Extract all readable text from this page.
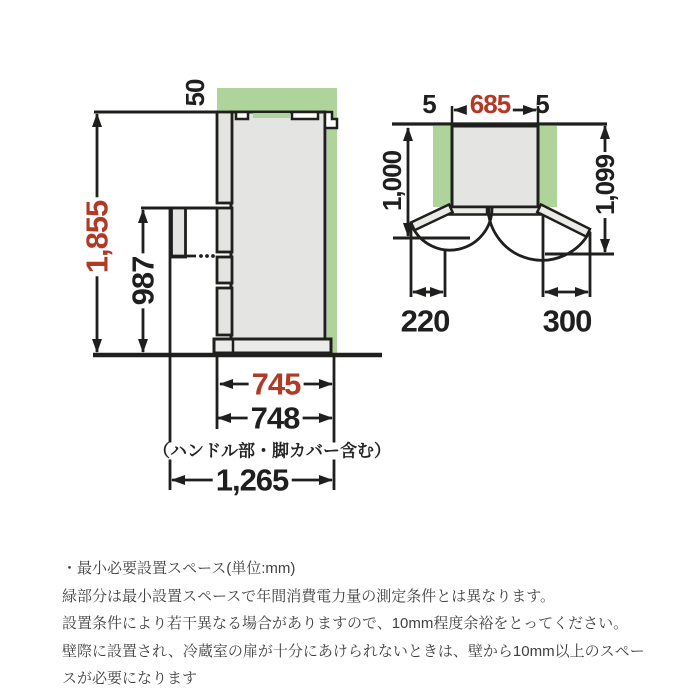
50
1,855
987
745
748
（ハンドル部・脚カバー含む）
1,265
5 685 5
1,000	1,099
220	300
・最小必要設置スペース(単位:mm)
緑部分は最小設置スペースで年間消費電力量の測定条件とは異なります。
設置条件により若干異なる場合がありますので、10mm程度余裕をとってください。
壁際に設置され、冷蔵室の扉が十分にあけられないときは、壁から10mm以上のスペースが必要になります
